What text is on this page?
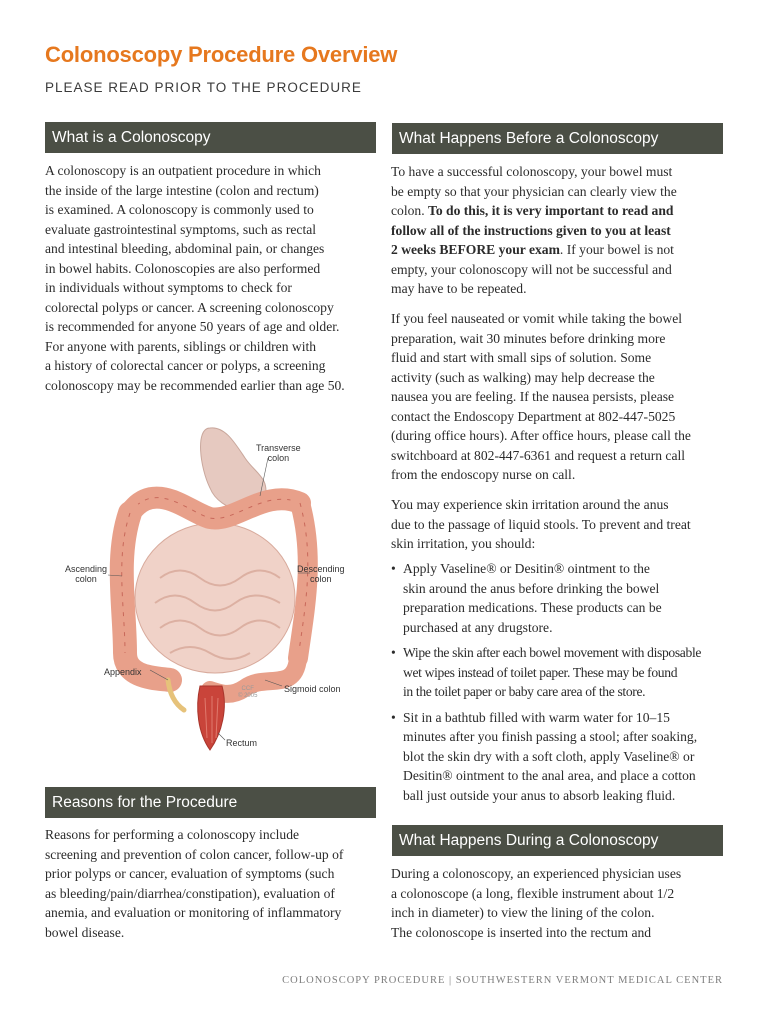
Colonoscopy Procedure Overview
PLEASE READ PRIOR TO THE PROCEDURE
What is a Colonoscopy
A colonoscopy is an outpatient procedure in which
the inside of the large intestine (colon and rectum)
is examined. A colonoscopy is commonly used to
evaluate gastrointestinal symptoms, such as rectal
and intestinal bleeding, abdominal pain, or changes
in bowel habits. Colonoscopies are also performed
in individuals without symptoms to check for
colorectal polyps or cancer. A screening colonoscopy
is recommended for anyone 50 years of age and older.
For anyone with parents, siblings or children with
a history of colorectal cancer or polyps, a screening
colonoscopy may be recommended earlier than age 50.
Transverse
colon
Ascending
colon
Descending
colon
Appendix
Sigmoid colon
Rectum
CCF
© 2005
Reasons for the Procedure
Reasons for performing a colonoscopy include
screening and prevention of colon cancer, follow-up of
prior polyps or cancer, evaluation of symptoms (such
as bleeding/pain/diarrhea/constipation), evaluation of
anemia, and evaluation or monitoring of inflammatory
bowel disease.
What Happens Before a Colonoscopy
To have a successful colonoscopy, your bowel must
be empty so that your physician can clearly view the
colon. To do this, it is very important to read and
follow all of the instructions given to you at least
2 weeks BEFORE your exam. If your bowel is not
empty, your colonoscopy will not be successful and
may have to be repeated.
If you feel nauseated or vomit while taking the bowel
preparation, wait 30 minutes before drinking more
fluid and start with small sips of solution. Some
activity (such as walking) may help decrease the
nausea you are feeling. If the nausea persists, please
contact the Endoscopy Department at 802-447-5025
(during office hours). After office hours, please call the
switchboard at 802-447-6361 and request a return call
from the endoscopy nurse on call.
You may experience skin irritation around the anus
due to the passage of liquid stools. To prevent and treat
skin irritation, you should:
• Apply Vaseline® or Desitin® ointment to the
skin around the anus before drinking the bowel
preparation medications. These products can be
purchased at any drugstore.
• Wipe the skin after each bowel movement with disposable
wet wipes instead of toilet paper. These may be found
in the toilet paper or baby care area of the store.
• Sit in a bathtub filled with warm water for 10–15
minutes after you finish passing a stool; after soaking,
blot the skin dry with a soft cloth, apply Vaseline® or
Desitin® ointment to the anal area, and place a cotton
ball just outside your anus to absorb leaking fluid.
What Happens During a Colonoscopy
During a colonoscopy, an experienced physician uses
a colonoscope (a long, flexible instrument about 1/2
inch in diameter) to view the lining of the colon.
The colonoscope is inserted into the rectum and
COLONOSCOPY PROCEDURE | SOUTHWESTERN VERMONT MEDICAL CENTER
